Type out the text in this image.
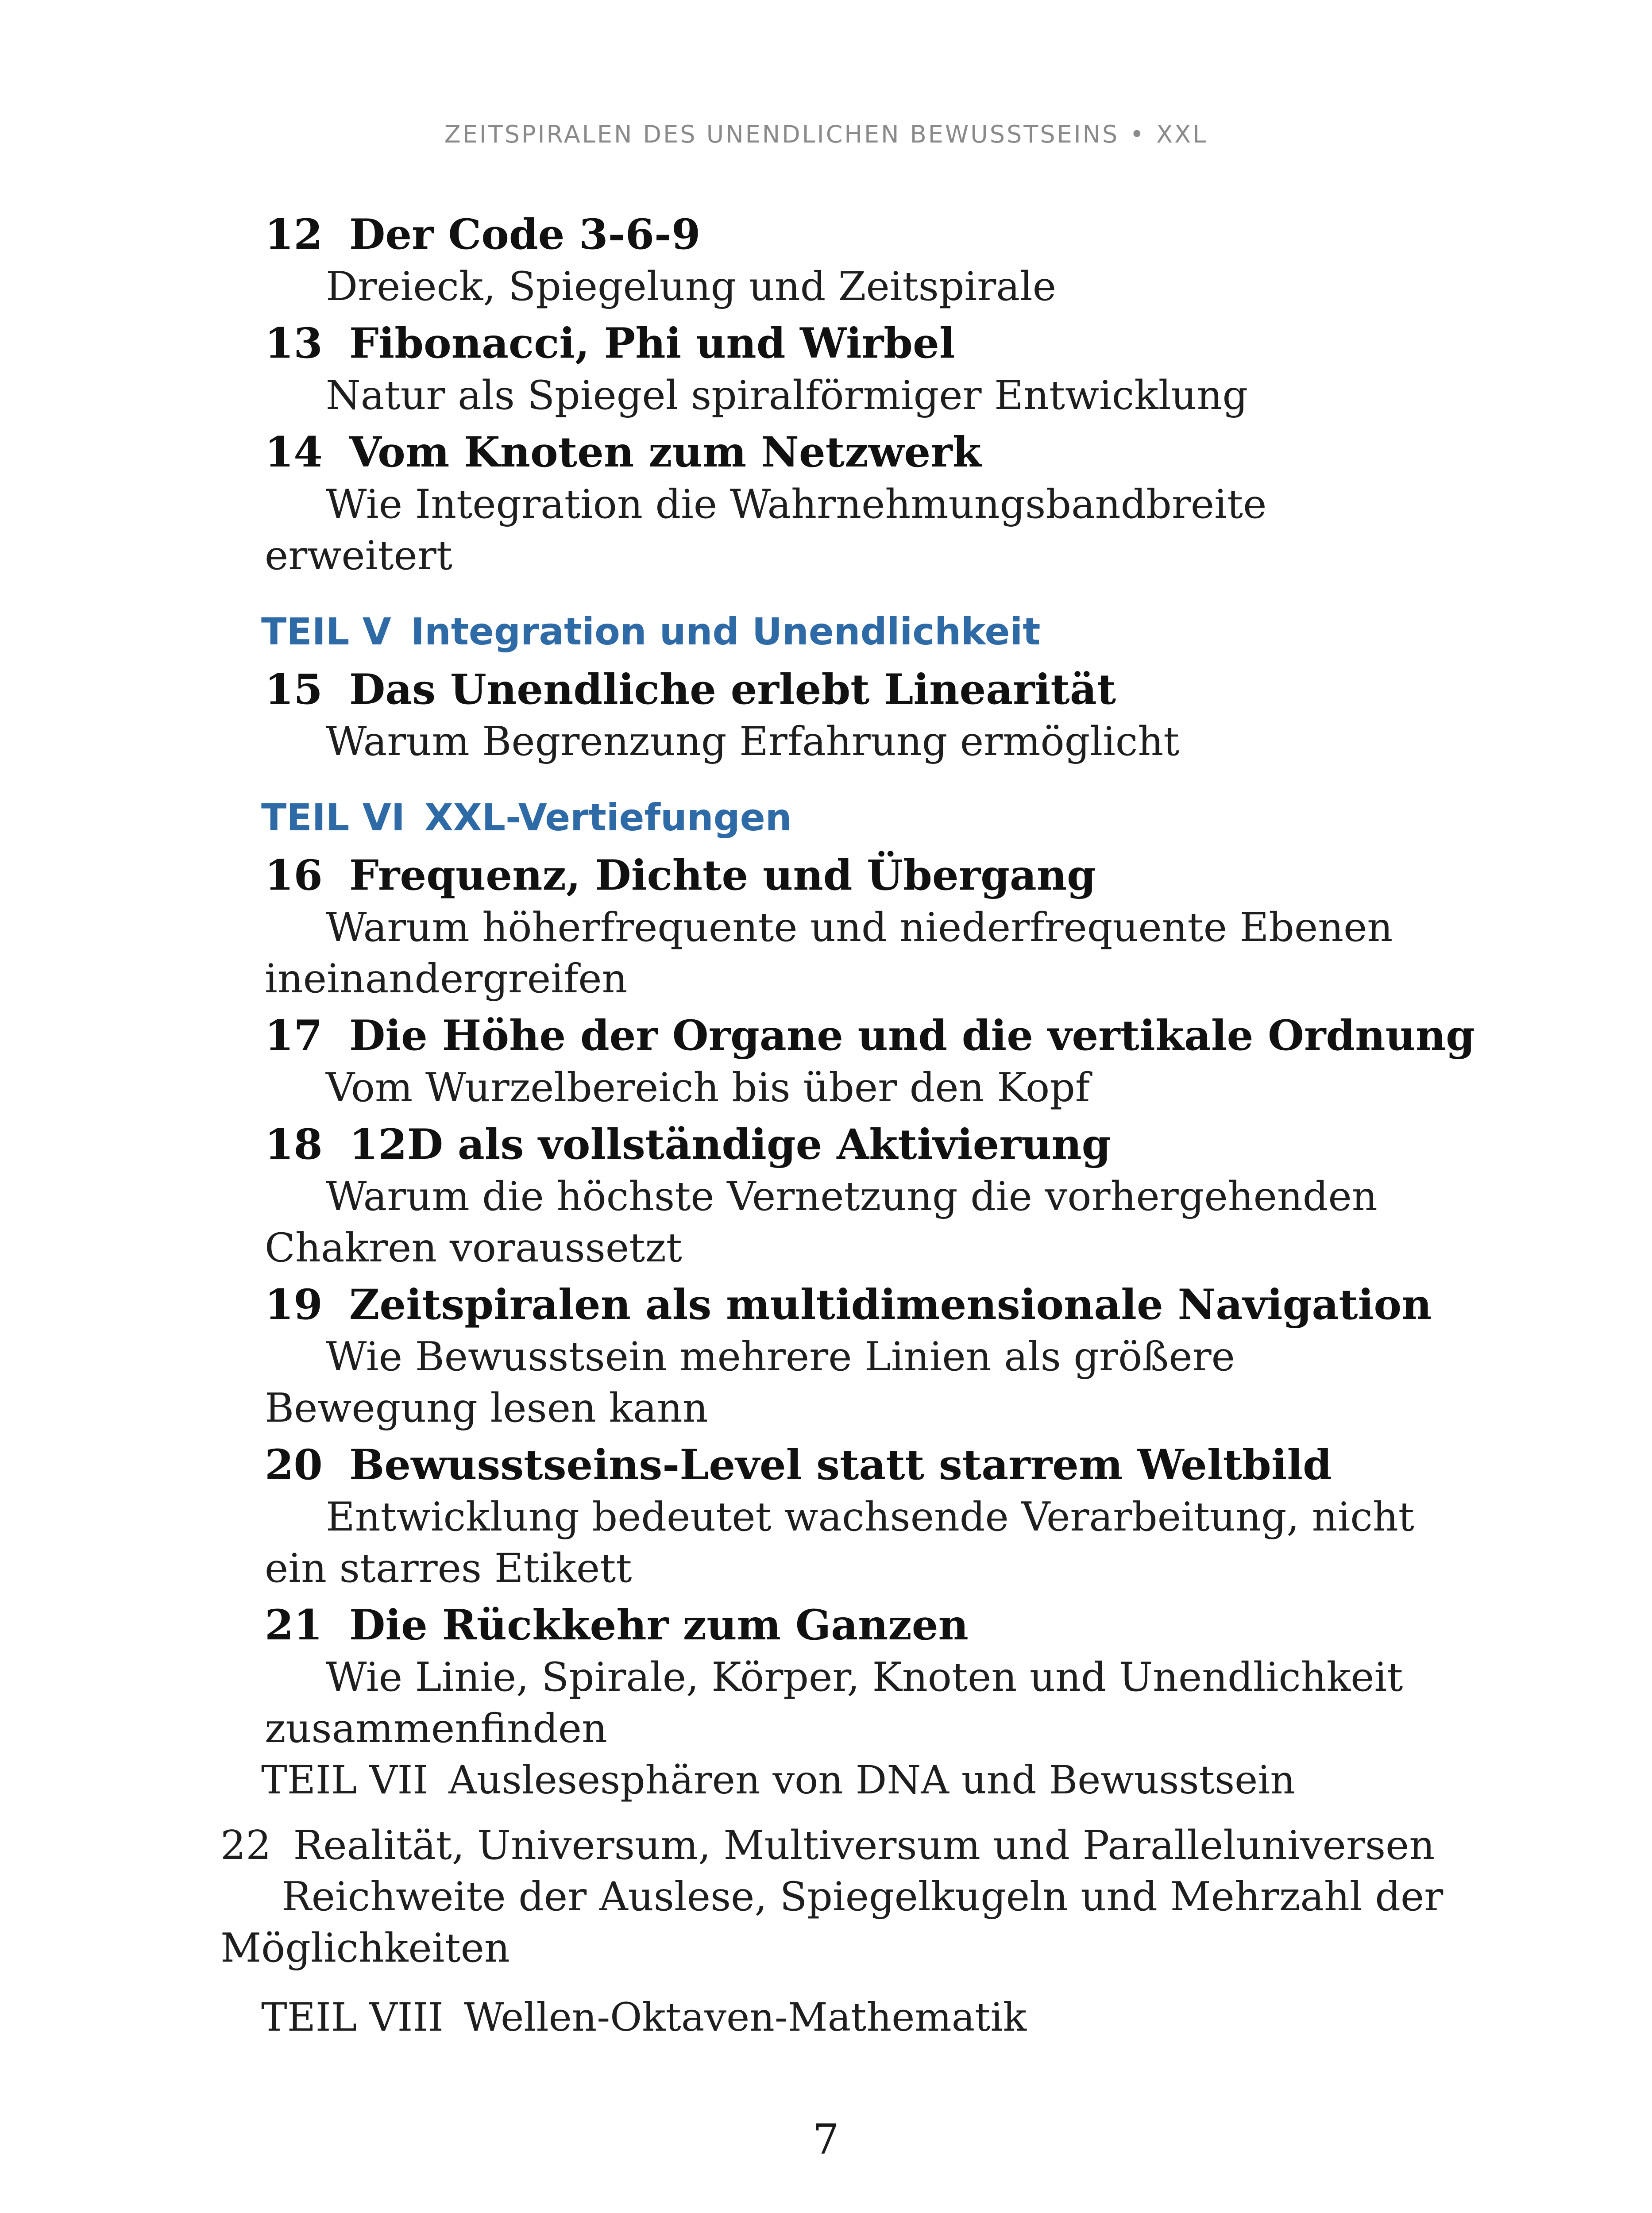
ZEITSPIRALEN DES UNENDLICHEN BEWUSSTSEINS • XXL
12 Der Code 3-6-9

Dreieck, Spiegelung und Zeitspirale

13 Fibonacci, Phi und Wirbel

Natur als Spiegel spiralförmiger Entwicklung

14 Vom Knoten zum Netzwerk

Wie Integration die Wahrnehmungsbandbreite erweitert

TEIL V Integration und Unendlichkeit
15 Das Unendliche erlebt Linearität

Warum Begrenzung Erfahrung ermöglicht

TEIL VI XXL-Vertiefungen
16 Frequenz, Dichte und Übergang

Warum höherfrequente und niederfrequente Ebenen ineinandergreifen

17 Die Höhe der Organe und die vertikale Ordnung

Vom Wurzelbereich bis über den Kopf

18 12D als vollständige Aktivierung

Warum die höchste Vernetzung die vorhergehenden Chakren voraussetzt

19 Zeitspiralen als multidimensionale Navigation

Wie Bewusstsein mehrere Linien als größere Bewegung lesen kann

20 Bewusstseins-Level statt starrem Weltbild

Entwicklung bedeutet wachsende Verarbeitung, nicht ein starres Etikett

21 Die Rückkehr zum Ganzen

Wie Linie, Spirale, Körper, Knoten und Unendlichkeit zusammenfinden

TEIL VII Auslesesphären von DNA und Bewusstsein
22 Realität, Universum, Multiversum und Paralleluniversen

Reichweite der Auslese, Spiegelkugeln und Mehrzahl der Möglichkeiten

TEIL VIII Wellen-Oktaven-Mathematik
7
